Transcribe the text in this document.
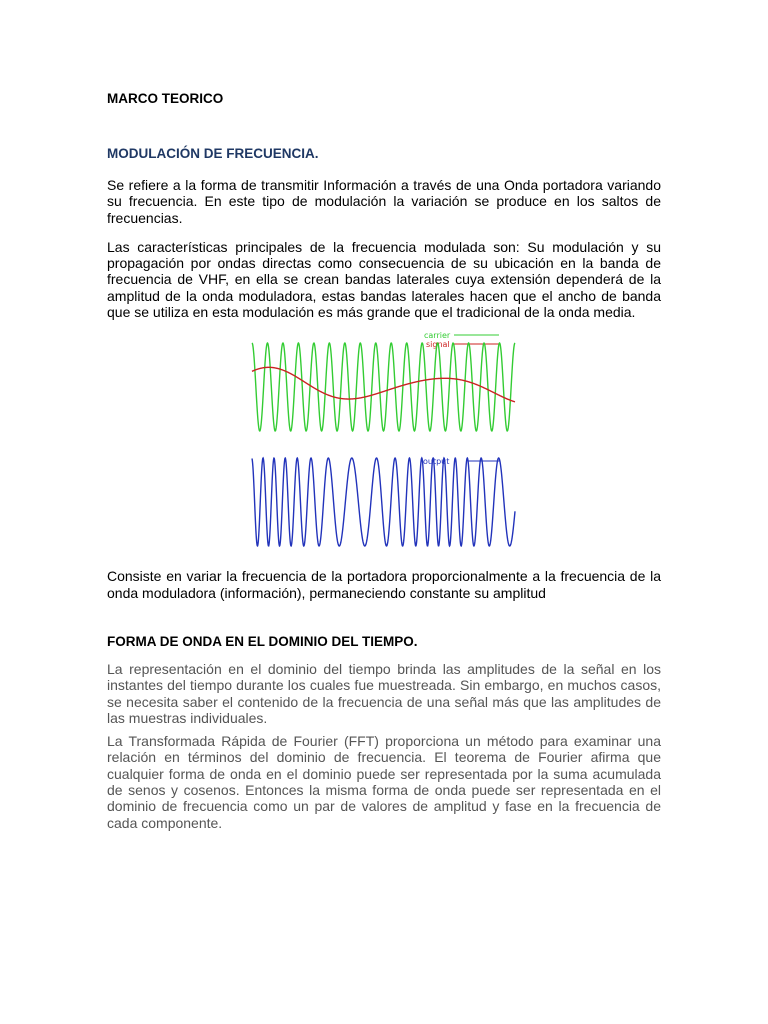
MARCO TEORICO

MODULACIÓN DE FRECUENCIA.

Se refiere a la forma de transmitir Información a través de una Onda portadora variando su frecuencia. En este tipo de modulación la variación se produce en los saltos de frecuencias.

Las características principales de la frecuencia modulada son: Su modulación y su propagación por ondas directas como consecuencia de su ubicación en la banda de frecuencia de VHF, en ella se crean bandas laterales cuya extensión dependerá de la amplitud de la onda moduladora, estas bandas laterales hacen que el ancho de banda que se utiliza en esta modulación es más grande que el tradicional de la onda media.

carrier
signal
output

Consiste en variar la frecuencia de la portadora proporcionalmente a la frecuencia de la onda moduladora (información), permaneciendo constante su amplitud

FORMA DE ONDA EN EL DOMINIO DEL TIEMPO.

La representación en el dominio del tiempo brinda las amplitudes de la señal en los instantes del tiempo durante los cuales fue muestreada. Sin embargo, en muchos casos, se necesita saber el contenido de la frecuencia de una señal más que las amplitudes de las muestras individuales.

La Transformada Rápida de Fourier (FFT) proporciona un método para examinar una relación en términos del dominio de frecuencia. El teorema de Fourier afirma que cualquier forma de onda en el dominio puede ser representada por la suma acumulada de senos y cosenos. Entonces la misma forma de onda puede ser representada en el dominio de frecuencia como un par de valores de amplitud y fase en la frecuencia de cada componente.
